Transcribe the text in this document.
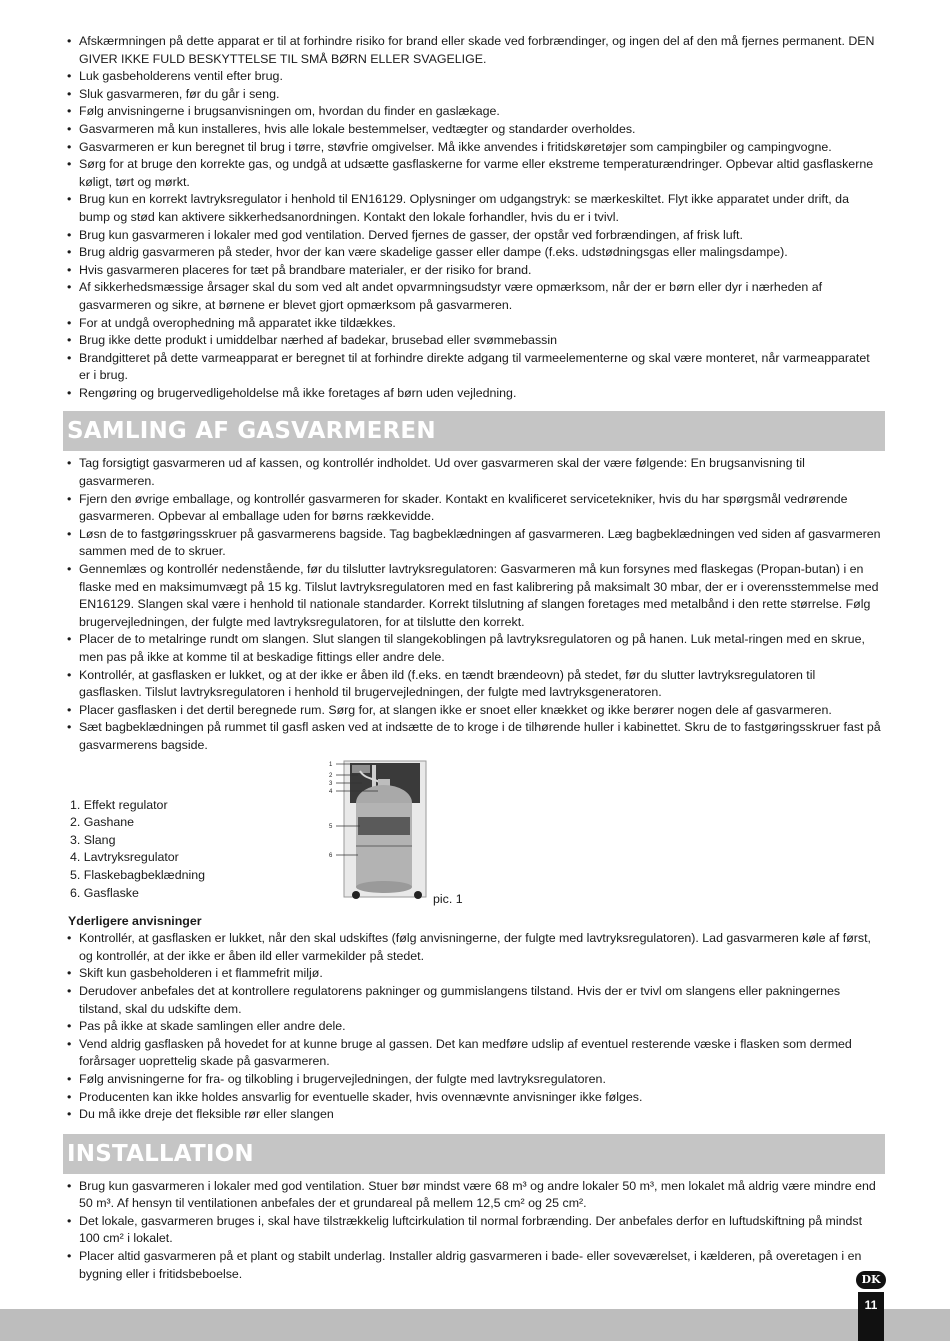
• Afskærmningen på dette apparat er til at forhindre risiko for brand eller skade ved forbrændinger, og ingen del af den må fjernes permanent. DEN GIVER IKKE FULD BESKYTTELSE TIL SMÅ BØRN ELLER SVAGELIGE.
• Luk gasbeholderens ventil efter brug.
• Sluk gasvarmeren, før du går i seng.
• Følg anvisningerne i brugsanvisningen om, hvordan du finder en gaslækage.
• Gasvarmeren må kun installeres, hvis alle lokale bestemmelser, vedtægter og standarder overholdes.
• Gasvarmeren er kun beregnet til brug i tørre, støvfrie omgivelser. Må ikke anvendes i fritidskøretøjer som campingbiler og campingvogne.
• Sørg for at bruge den korrekte gas, og undgå at udsætte gasflaskerne for varme eller ekstreme temperaturændringer. Opbevar altid gasflaskerne køligt, tørt og mørkt.
• Brug kun en korrekt lavtryksregulator i henhold til EN16129. Oplysninger om udgangstryk: se mærkeskiltet. Flyt ikke apparatet under drift, da bump og stød kan aktivere sikkerhedsanordningen. Kontakt den lokale forhandler, hvis du er i tvivl.
• Brug kun gasvarmeren i lokaler med god ventilation. Derved fjernes de gasser, der opstår ved forbrændingen, af frisk luft.
• Brug aldrig gasvarmeren på steder, hvor der kan være skadelige gasser eller dampe (f.eks. udstødningsgas eller malingsdampe).
• Hvis gasvarmeren placeres for tæt på brandbare materialer, er der risiko for brand.
• Af sikkerhedsmæssige årsager skal du som ved alt andet opvarmningsudstyr være opmærksom, når der er børn eller dyr i nærheden af gasvarmeren og sikre, at børnene er blevet gjort opmærksom på gasvarmeren.
• For at undgå overophedning må apparatet ikke tildækkes.
• Brug ikke dette produkt i umiddelbar nærhed af badekar, brusebad eller svømmebassin
• Brandgitteret på dette varmeapparat er beregnet til at forhindre direkte adgang til varmeelementerne og skal være monteret, når varmeapparatet er i brug.
• Rengøring og brugervedligeholdelse må ikke foretages af børn uden vejledning.
SAMLING AF GASVARMEREN
• Tag forsigtigt gasvarmeren ud af kassen, og kontrollér indholdet. Ud over gasvarmeren skal der være følgende: En brugsanvisning til gasvarmeren.
• Fjern den øvrige emballage, og kontrollér gasvarmeren for skader. Kontakt en kvalificeret servicetekniker, hvis du har spørgsmål vedrørende gasvarmeren. Opbevar al emballage uden for børns rækkevidde.
• Løsn de to fastgøringsskruer på gasvarmerens bagside. Tag bagbeklædningen af gasvarmeren. Læg bagbeklædningen ved siden af gasvarmeren sammen med de to skruer.
• Gennemlæs og kontrollér nedenstående, før du tilslutter lavtryksregulatoren: Gasvarmeren må kun forsynes med flaskegas (Propan-butan) i en flaske med en maksimumvægt på 15 kg. Tilslut lavtryksregulatoren med en fast kalibrering på maksimalt 30 mbar, der er i overensstemmelse med EN16129. Slangen skal være i henhold til nationale standarder. Korrekt tilslutning af slangen foretages med metalbånd i den rette størrelse. Følg brugervejledningen, der fulgte med lavtryksregulatoren, for at tilslutte den korrekt.
• Placer de to metalringe rundt om slangen. Slut slangen til slangekoblingen på lavtryksregulatoren og på hanen. Luk metal-ringen med en skrue, men pas på ikke at komme til at beskadige fittings eller andre dele.
• Kontrollér, at gasflasken er lukket, og at der ikke er åben ild (f.eks. en tændt brændeovn) på stedet, før du slutter lavtryksregulatoren til gasflasken. Tilslut lavtryksregulatoren i henhold til brugervejledningen, der fulgte med lavtryksgeneratoren.
• Placer gasflasken i det dertil beregnede rum. Sørg for, at slangen ikke er snoet eller knækket og ikke berører nogen dele af gasvarmeren.
• Sæt bagbeklædningen på rummet til gasfl asken ved at indsætte de to kroge i de tilhørende huller i kabinettet. Skru de to fastgøringsskruer fast på gasvarmerens bagside.
1. Effekt regulator
2. Gashane
3. Slang
4. Lavtryksregulator
5. Flaskebagbeklædning
6. Gasflaske
1
2
3
4
5
6
pic. 1
Yderligere anvisninger
• Kontrollér, at gasflasken er lukket, når den skal udskiftes (følg anvisningerne, der fulgte med lavtryksregulatoren). Lad gasvarmeren køle af først, og kontrollér, at der ikke er åben ild eller varmekilder på stedet.
• Skift kun gasbeholderen i et flammefrit miljø.
• Derudover anbefales det at kontrollere regulatorens pakninger og gummislangens tilstand. Hvis der er tvivl om slangens eller pakningernes tilstand, skal du udskifte dem.
• Pas på ikke at skade samlingen eller andre dele.
• Vend aldrig gasflasken på hovedet for at kunne bruge al gassen. Det kan medføre udslip af eventuel resterende væske i flasken som dermed forårsager uoprettelig skade på gasvarmeren.
• Følg anvisningerne for fra- og tilkobling i brugervejledningen, der fulgte med lavtryksregulatoren.
• Producenten kan ikke holdes ansvarlig for eventuelle skader, hvis ovennævnte anvisninger ikke følges.
• Du må ikke dreje det fleksible rør eller slangen
INSTALLATION
• Brug kun gasvarmeren i lokaler med god ventilation. Stuer bør mindst være 68 m³ og andre lokaler 50 m³, men lokalet må aldrig være mindre end 50 m³. Af hensyn til ventilationen anbefales der et grundareal på mellem 12,5 cm² og 25 cm².
• Det lokale, gasvarmeren bruges i, skal have tilstrækkelig luftcirkulation til normal forbrænding. Der anbefales derfor en luftudskiftning på mindst 100 cm² i lokalet.
• Placer altid gasvarmeren på et plant og stabilt underlag. Installer aldrig gasvarmeren i bade- eller soveværelset, i kælderen, på overetagen i en bygning eller i fritidsbeboelse.
11
DK
